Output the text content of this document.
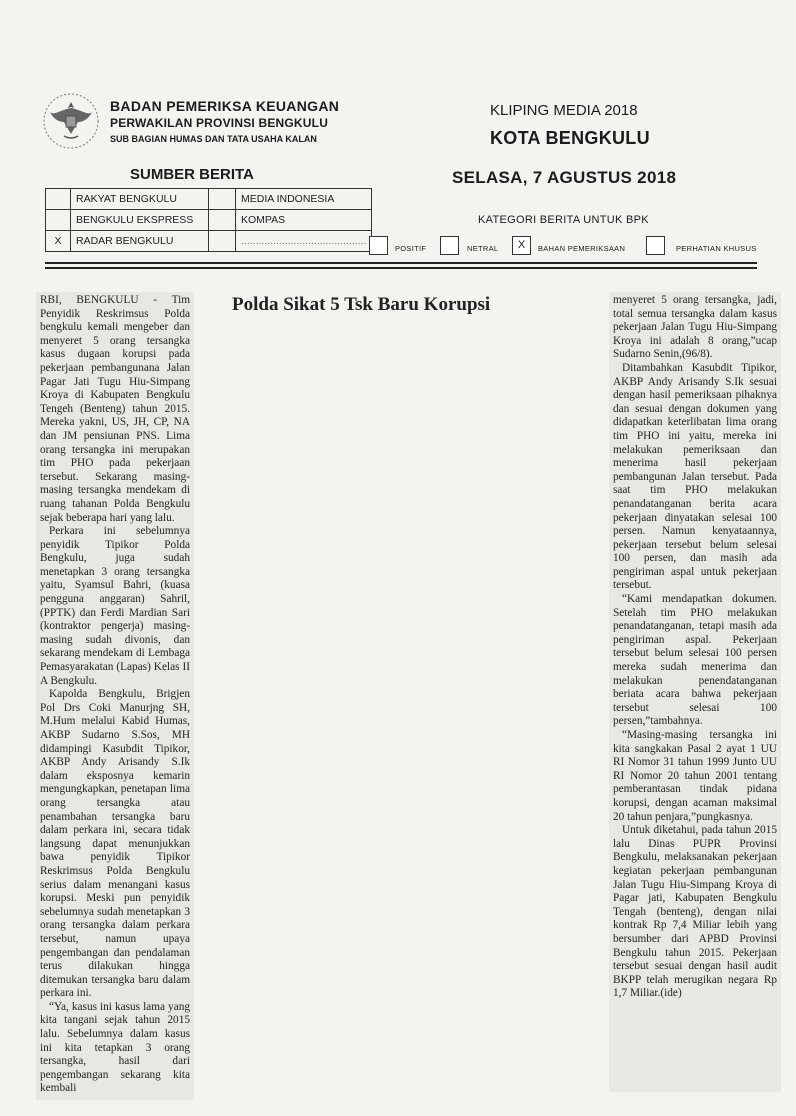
BADAN PEMERIKSA KEUANGAN
PERWAKILAN PROVINSI BENGKULU
SUB BAGIAN HUMAS DAN TATA USAHA KALAN
KLIPING MEDIA 2018
KOTA BENGKULU
SUMBER BERITA	SELASA, 7 AGUSTUS 2018
	RAKYAT BENGKULU		MEDIA INDONESIA
	BENGKULU EKSPRESS		KOMPAS
X	RADAR BENGKULU		...........................................
KATEGORI BERITA UNTUK BPK
POSITIF	NETRAL	X	BAHAN PEMERIKSAAN	PERHATIAN KHUSUS
Polda Sikat 5 Tsk Baru Korupsi

RBI, BENGKULU - Tim Penyidik Reskrimsus Polda bengkulu kemali mengeber dan menyeret 5 orang tersangka kasus dugaan korupsi pada pekerjaan pembangunana Jalan Pagar Jati Tugu Hiu-Simpang Kroya di Kabupaten Bengkulu Tengeh (Benteng) tahun 2015. Mereka yakni, US, JH, CP, NA dan JM pensiunan PNS. Lima orang tersangka ini merupakan tim PHO pada pekerjaan tersebut. Sekarang masing-masing tersangka mendekam di ruang tahanan Polda Bengkulu sejak beberapa hari yang lalu.

Perkara ini sebelumnya penyidik Tipikor Polda Bengkulu, juga sudah menetapkan 3 orang tersangka yaitu, Syamsul Bahri, (kuasa pengguna anggaran) Sahril, (PPTK) dan Ferdi Mardian Sari (kontraktor pengerja) masing-masing sudah divonis, dan sekarang mendekam di Lembaga Pemasyarakatan (Lapas) Kelas II A Bengkulu.

Kapolda Bengkulu, Brigjen Pol Drs Coki Manurjng SH, M.Hum melalui Kabid Humas, AKBP Sudarno S.Sos, MH didampingi Kasubdit Tipikor, AKBP Andy Arisandy S.Ik dalam eksposnya kemarin mengungkapkan, penetapan lima orang tersangka atau penambahan tersangka baru dalam perkara ini, secara tidak langsung dapat menunjukkan bawa penyidik Tipikor Reskrimsus Polda Bengkulu serius dalam menangani kasus korupsi. Meski pun penyidik sebelumnya sudah menetapkan 3 orang tersangka dalam perkara tersebut, namun upaya pengembangan dan pendalaman terus dilakukan hingga ditemukan tersangka baru dalam perkara ini.

“Ya, kasus ini kasus lama yang kita tangani sejak tahun 2015 lalu. Sebelumnya dalam kasus ini kita tetapkan 3 orang tersangka, hasil dari pengembangan sekarang kita kembali

menyeret 5 orang tersangka, jadi, total semua tersangka dalam kasus pekerjaan Jalan Tugu Hiu-Simpang Kroya ini adalah 8 orang,”ucap Sudarno Senin,(96/8).

Ditambahkan Kasubdit Tipikor, AKBP Andy Arisandy S.Ik sesuai dengan hasil pemeriksaan pihaknya dan sesuai dengan dokumen yang didapatkan keterlibatan lima orang tim PHO ini yaitu, mereka ini melakukan pemeriksaan dan menerima hasil pekerjaan pembangunan Jalan tersebut. Pada saat tim PHO melakukan penandatanganan berita acara pekerjaan dinyatakan selesai 100 persen. Namun kenyataannya, pekerjaan tersebut belum selesai 100 persen, dan masih ada pengiriman aspal untuk pekerjaan tersebut.

“Kami mendapatkan dokumen. Setelah tim PHO melakukan penandatanganan, tetapi masih ada pengiriman aspal. Pekerjaan tersebut belum selesai 100 persen mereka sudah menerima dan melakukan penendatanganan beriata acara bahwa pekerjaan tersebut selesai 100 persen,”tambahnya.

“Masing-masing tersangka ini kita sangkakan Pasal 2 ayat 1 UU RI Nomor 31 tahun 1999 Junto UU RI Nomor 20 tahun 2001 tentang pemberantasan tindak pidana korupsi, dengan acaman maksimal 20 tahun penjara,”pungkasnya.

Untuk diketahui, pada tahun 2015 lalu Dinas PUPR Provinsi Bengkulu, melaksanakan pekerjaan kegiatan pekerjaan pembangunan Jalan Tugu Hiu-Simpang Kroya di Pagar jati, Kabupaten Bengkulu Tengah (benteng), dengan nilai kontrak Rp 7,4 Miliar lebih yang bersumber dari APBD Provinsi Bengkulu tahun 2015. Pekerjaan tersebut sesuai dengan hasil audit BKPP telah merugikan negara Rp 1,7 Miliar.(ide)
